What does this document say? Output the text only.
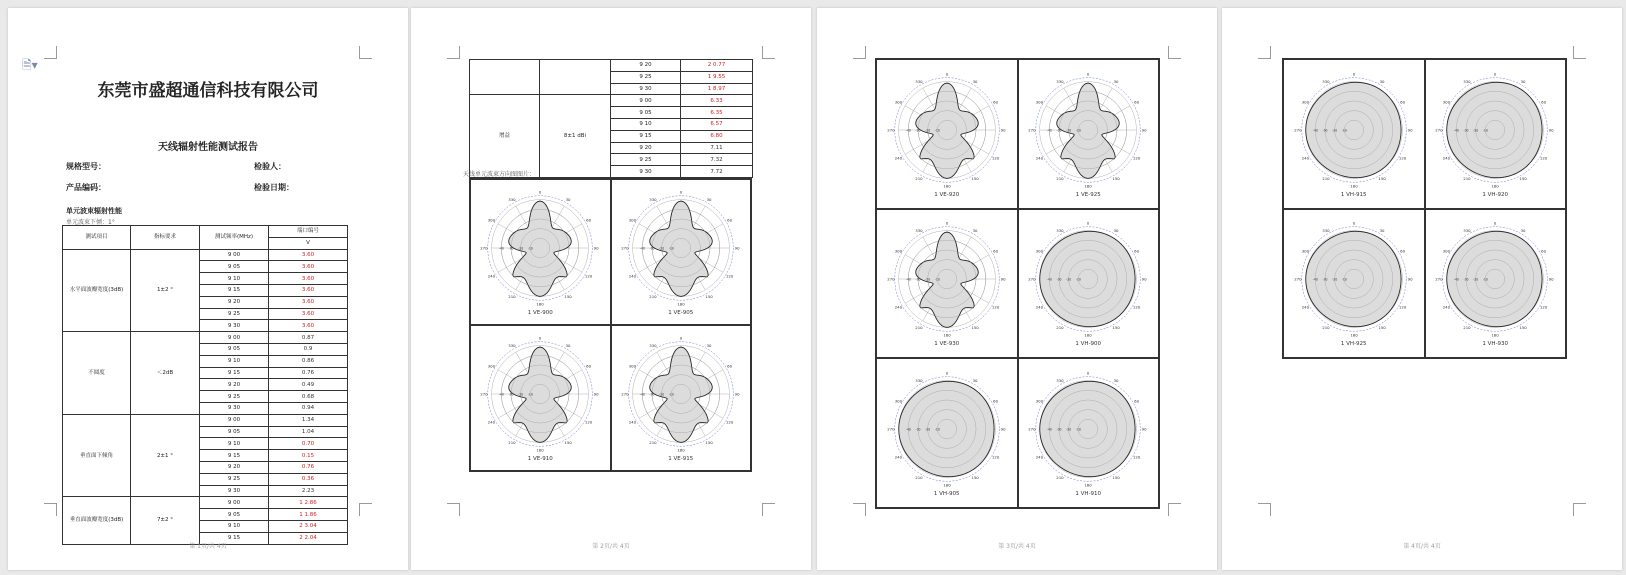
🗎▾
东莞市盛超通信科技有限公司
天线辐射性能测试报告
规格型号：	检验人：
产品编码：	检验日期：
单元波束辐射性能
单元波束下倾：1°
测试项目	指标要求	测试频率(MHz)	端口编号
			V
水平面波瓣宽度(3dB)	1±2 °	9 00	3.60
		9 05	3.60
		9 10	3.60
		9 15	3.60
		9 20	3.60
		9 25	3.60
		9 30	3.60
不圆度	＜2dB	9 00	0.87
		9 05	0.9
		9 10	0.86
		9 15	0.76
		9 20	0.49
		9 25	0.68
		9 30	0.94
垂直面下倾角	2±1 °	9 00	1.34
		9 05	1.04
		9 10	0.70
		9 15	0.15
		9 20	0.76
		9 25	0.36
		9 30	2.23
垂直面波瓣宽度(3dB)	7±2 °	9 00	1 2.86
		9 05	1 1.86
		9 10	2 3.04
		9 15	2 2.04
第 1页/共 4页
		9 20	2 0.77
		9 25	1 9.55
		9 30	1 8.97
增益	8±1 dBi	9 00	6.33
		9 05	6.35
		9 10	6.57
		9 15	6.80
		9 20	7.11
		9 25	7.32
		9 30	7.72
天线单元波束方向图图片：
0
30
60
90
120
150
180
210
240
270
300
330
-40 -30 -20 -10
1 VE-900
0
30
60
90
120
150
180
210
240
270
300
330
-40 -30 -20 -10
1 VE-905
0
30
60
90
120
150
180
210
240
270
300
330
-40 -30 -20 -10
1 VE-910
0
30
60
90
120
150
180
210
240
270
300
330
-40 -30 -20 -10
1 VE-915
第 2页/共 4页
0
30
60
90
120
150
180
210
240
270
300
330
-40 -30 -20 -10
1 VE-920
0
30
60
90
120
150
180
210
240
270
300
330
-40 -30 -20 -10
1 VE-925
0
30
60
90
120
150
180
210
240
270
300
330
-40 -30 -20 -10
1 VE-930
0
30
60
90
120
150
180
210
240
270
300
330
-40 -30 -20 -10
1 VH-900
0
30
60
90
120
150
180
210
240
270
300
330
-40 -30 -20 -10
1 VH-905
0
30
60
90
120
150
180
210
240
270
300
330
-40 -30 -20 -10
1 VH-910
第 3页/共 4页
0
30
60
90
120
150
180
210
240
270
300
330
-40 -30 -20 -10
1 VH-915
0
30
60
90
120
150
180
210
240
270
300
330
-40 -30 -20 -10
1 VH-920
0
30
60
90
120
150
180
210
240
270
300
330
-40 -30 -20 -10
1 VH-925
0
30
60
90
120
150
180
210
240
270
300
330
-40 -30 -20 -10
1 VH-930
第 4页/共 4页
